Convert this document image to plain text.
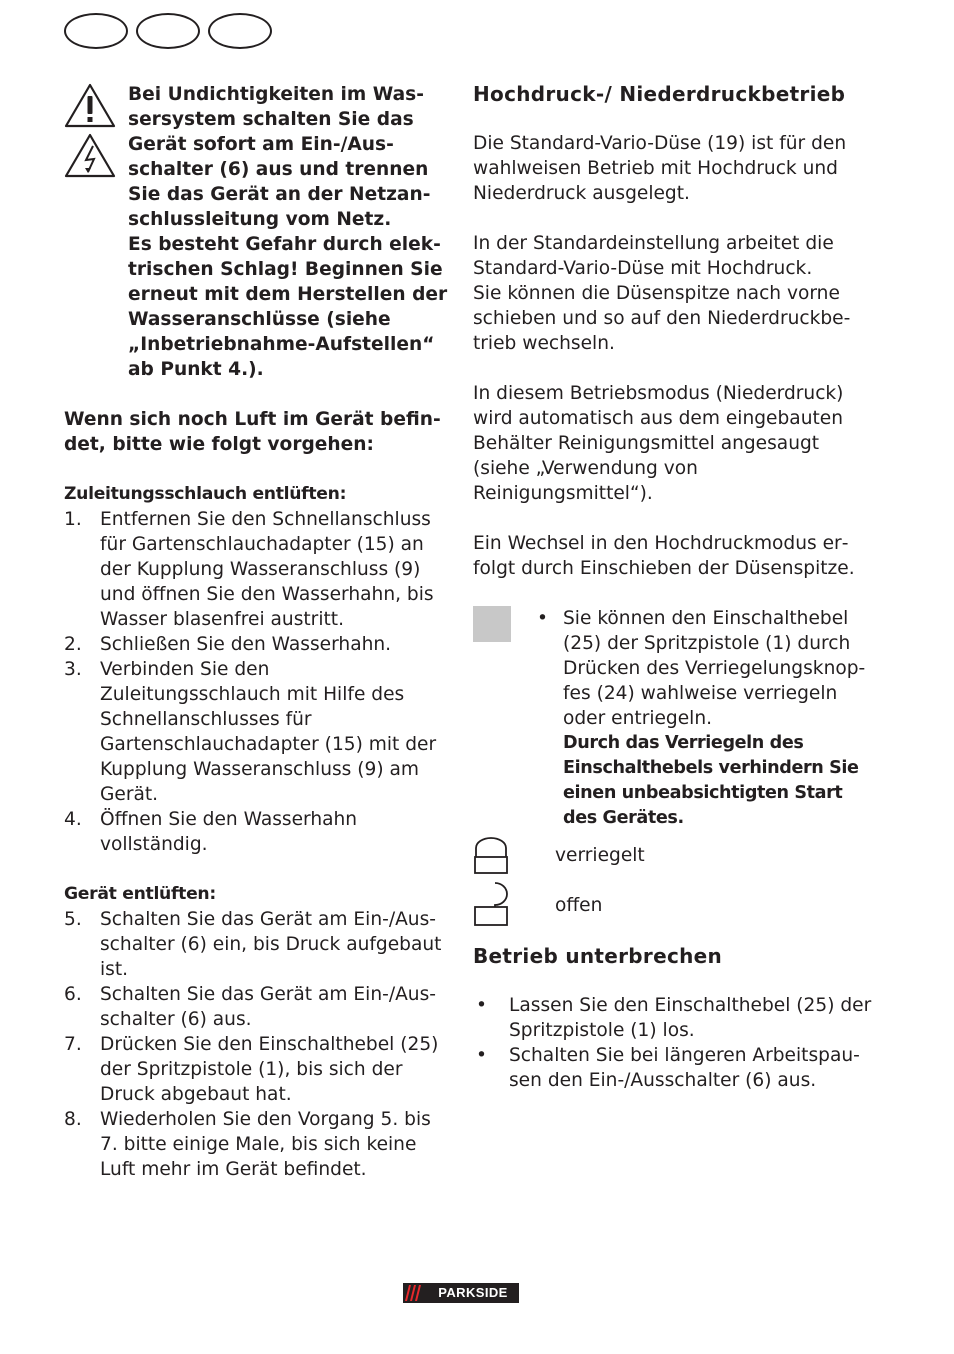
Bei Undichtigkeiten im Wassersystem schalten Sie das Gerät sofort am Ein-/Ausschalter (6) aus und trennen Sie das Gerät an der Netzanschlussleitung vom Netz.

Es besteht Gefahr durch elektrischen Schlag! Beginnen Sie erneut mit dem Herstellen der Wasseranschlüsse (siehe „Inbetriebnahme-Aufstellen“ ab Punkt 4.).

Wenn sich noch Luft im Gerät befindet, bitte wie folgt vorgehen:

Zuleitungsschlauch entlüften:

1. Entfernen Sie den Schnellanschluss für Gartenschlauchadapter (15) an der Kupplung Wasseranschluss (9) und öffnen Sie den Wasserhahn, bis Wasser blasenfrei austritt.
2. Schließen Sie den Wasserhahn.
3. Verbinden Sie den Zuleitungsschlauch mit Hilfe des Schnellanschlusses für Gartenschlauchadapter (15) mit der Kupplung Wasseranschluss (9) am Gerät.
4. Öffnen Sie den Wasserhahn vollständig.

Gerät entlüften:

5. Schalten Sie das Gerät am Ein-/Ausschalter (6) ein, bis Druck aufgebaut ist.
6. Schalten Sie das Gerät am Ein-/Ausschalter (6) aus.
7. Drücken Sie den Einschalthebel (25) der Spritzpistole (1), bis sich der Druck abgebaut hat.
8. Wiederholen Sie den Vorgang 5. bis 7. bitte einige Male, bis sich keine Luft mehr im Gerät befindet.
Hochdruck-/ Niederdruckbetrieb

Die Standard-Vario-Düse (19) ist für den wahlweisen Betrieb mit Hochdruck und Niederdruck ausgelegt.

In der Standardeinstellung arbeitet die Standard-Vario-Düse mit Hochdruck.

Sie können die Düsenspitze nach vorne schieben und so auf den Niederdruckbetrieb wechseln.

In diesem Betriebsmodus (Niederdruck) wird automatisch aus dem eingebauten Behälter Reinigungsmittel angesaugt (siehe „Verwendung von Reinigungsmittel“).

Ein Wechsel in den Hochdruckmodus erfolgt durch Einschieben der Düsenspitze.

• Sie können den Einschalthebel (25) der Spritzpistole (1) durch Drücken des Verriegelungsknopfes (24) wahlweise verriegeln oder entriegeln.

Durch das Verriegeln des Einschalthebels verhindern Sie einen unbeabsichtigten Start des Gerätes.

verriegelt
offen
Betrieb unterbrechen
• Lassen Sie den Einschalthebel (25) der Spritzpistole (1) los.
• Schalten Sie bei längeren Arbeitspausen den Ein-/Ausschalter (6) aus.
PARKSIDE
